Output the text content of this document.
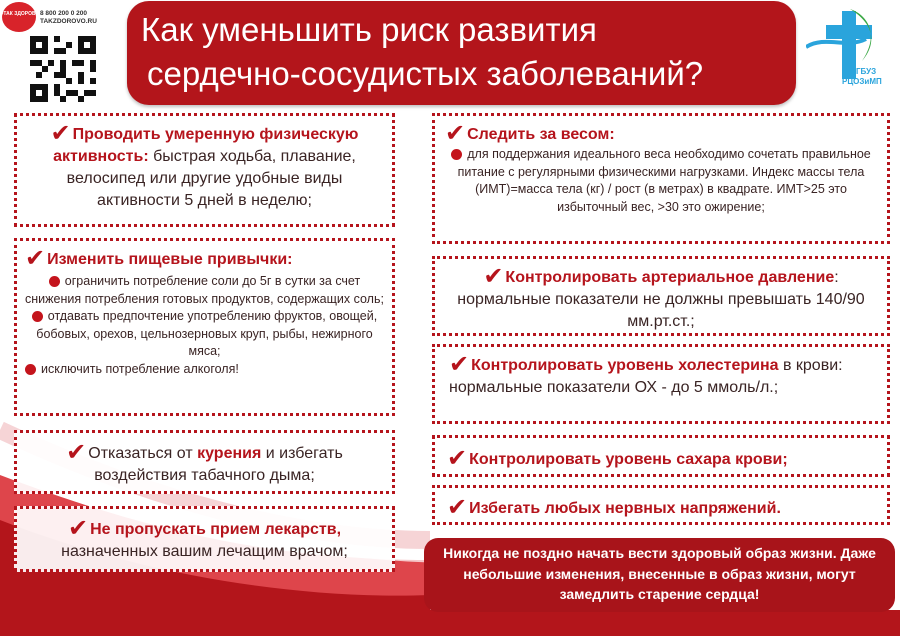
#ТАК ЗДОРОВО 8 800 200 0 200
TAKZDOROVO.RU Как уменьшить риск развития
сердечно-сосудистых заболеваний?	ГБУЗ
РЦОЗиМП
✔ Проводить умеренную физическую
активность: быстрая ходьба, плавание, велосипед или другие удобные виды активности 5 дней в неделю;
✔ Изменить пищевые привычки:
ограничить потребление соли до 5г в сутки за счет снижения потребления готовых продуктов, содержащих соль;
отдавать предпочтение употреблению фруктов, овощей, бобовых, орехов, цельнозерновых круп, рыбы, нежирного мяса;
исключить потребление алкоголя!
✔ Отказаться от курения и избегать воздействия табачного дыма;
✔ Не пропускать прием лекарств,
назначенных вашим лечащим врачом;
✔ Следить за весом:
для поддержания идеального веса необходимо сочетать правильное питание с регулярными физическими нагрузками. Индекс массы тела (ИМТ)=масса тела (кг) / рост (в метрах) в квадрате. ИМТ>25 это избыточный вес, >30 это ожирение;
✔ Контролировать артериальное давление: нормальные показатели не должны превышать 140/90 мм.рт.ст.;
✔ Контролировать уровень холестерина в крови: нормальные показатели ОХ - до 5 ммоль/л.;
✔ Контролировать уровень сахара крови;
✔ Избегать любых нервных напряжений.
Никогда не поздно начать вести здоровый образ жизни. Даже небольшие изменения, внесенные в образ жизни, могут замедлить старение сердца!
